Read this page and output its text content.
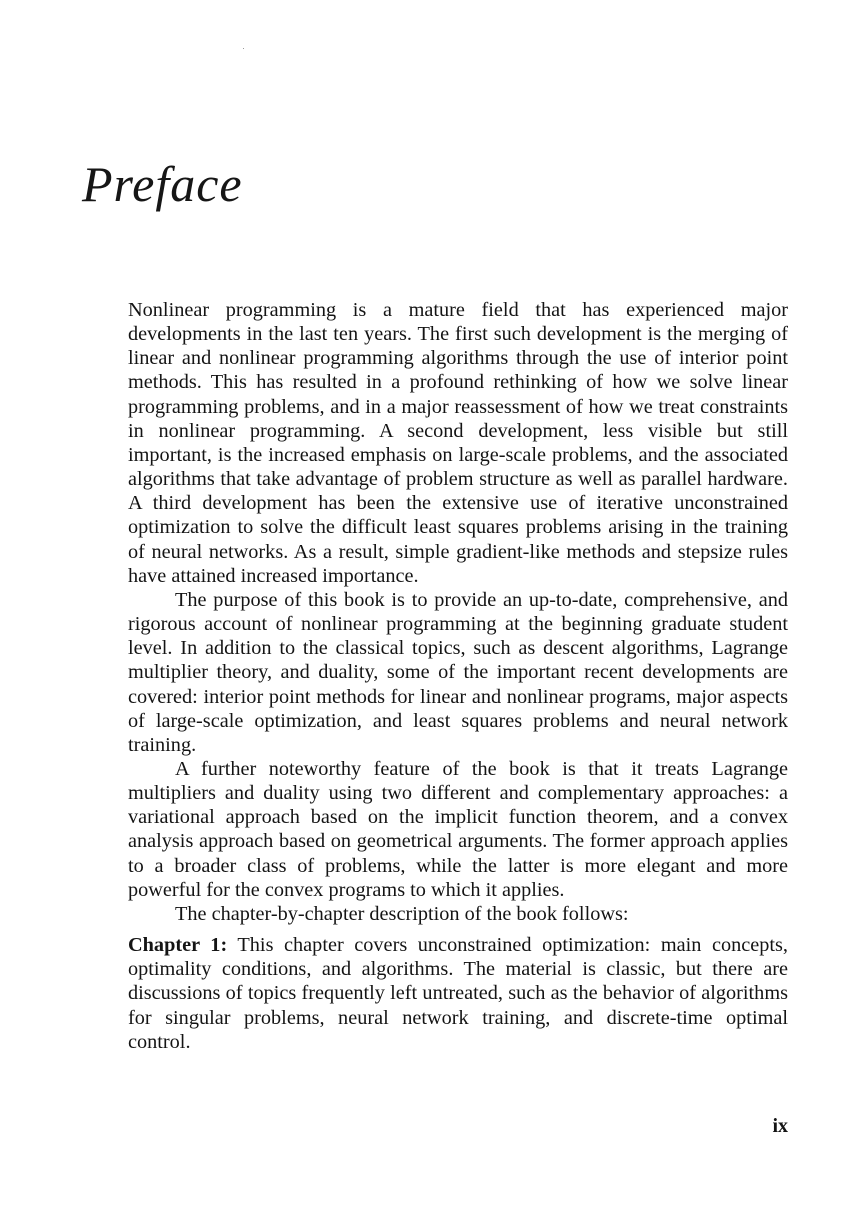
Preface

Nonlinear programming is a mature field that has experienced major developments in the last ten years. The first such development is the merging of linear and nonlinear programming algorithms through the use of interior point methods. This has resulted in a profound rethinking of how we solve linear programming problems, and in a major reassessment of how we treat constraints in nonlinear programming. A second development, less visible but still important, is the increased emphasis on large-scale problems, and the associated algorithms that take advantage of problem structure as well as parallel hardware. A third development has been the extensive use of iterative unconstrained optimization to solve the difficult least squares problems arising in the training of neural networks. As a result, simple gradient-like methods and stepsize rules have attained increased importance.

The purpose of this book is to provide an up-to-date, comprehensive, and rigorous account of nonlinear programming at the beginning graduate student level. In addition to the classical topics, such as descent algorithms, Lagrange multiplier theory, and duality, some of the important recent developments are covered: interior point methods for linear and nonlinear programs, major aspects of large-scale optimization, and least squares problems and neural network training.

A further noteworthy feature of the book is that it treats Lagrange multipliers and duality using two different and complementary approaches: a variational approach based on the implicit function theorem, and a convex analysis approach based on geometrical arguments. The former approach applies to a broader class of problems, while the latter is more elegant and more powerful for the convex programs to which it applies.

The chapter-by-chapter description of the book follows:

Chapter 1: This chapter covers unconstrained optimization: main concepts, optimality conditions, and algorithms. The material is classic, but there are discussions of topics frequently left untreated, such as the behavior of algorithms for singular problems, neural network training, and discrete-time optimal control.

ix
